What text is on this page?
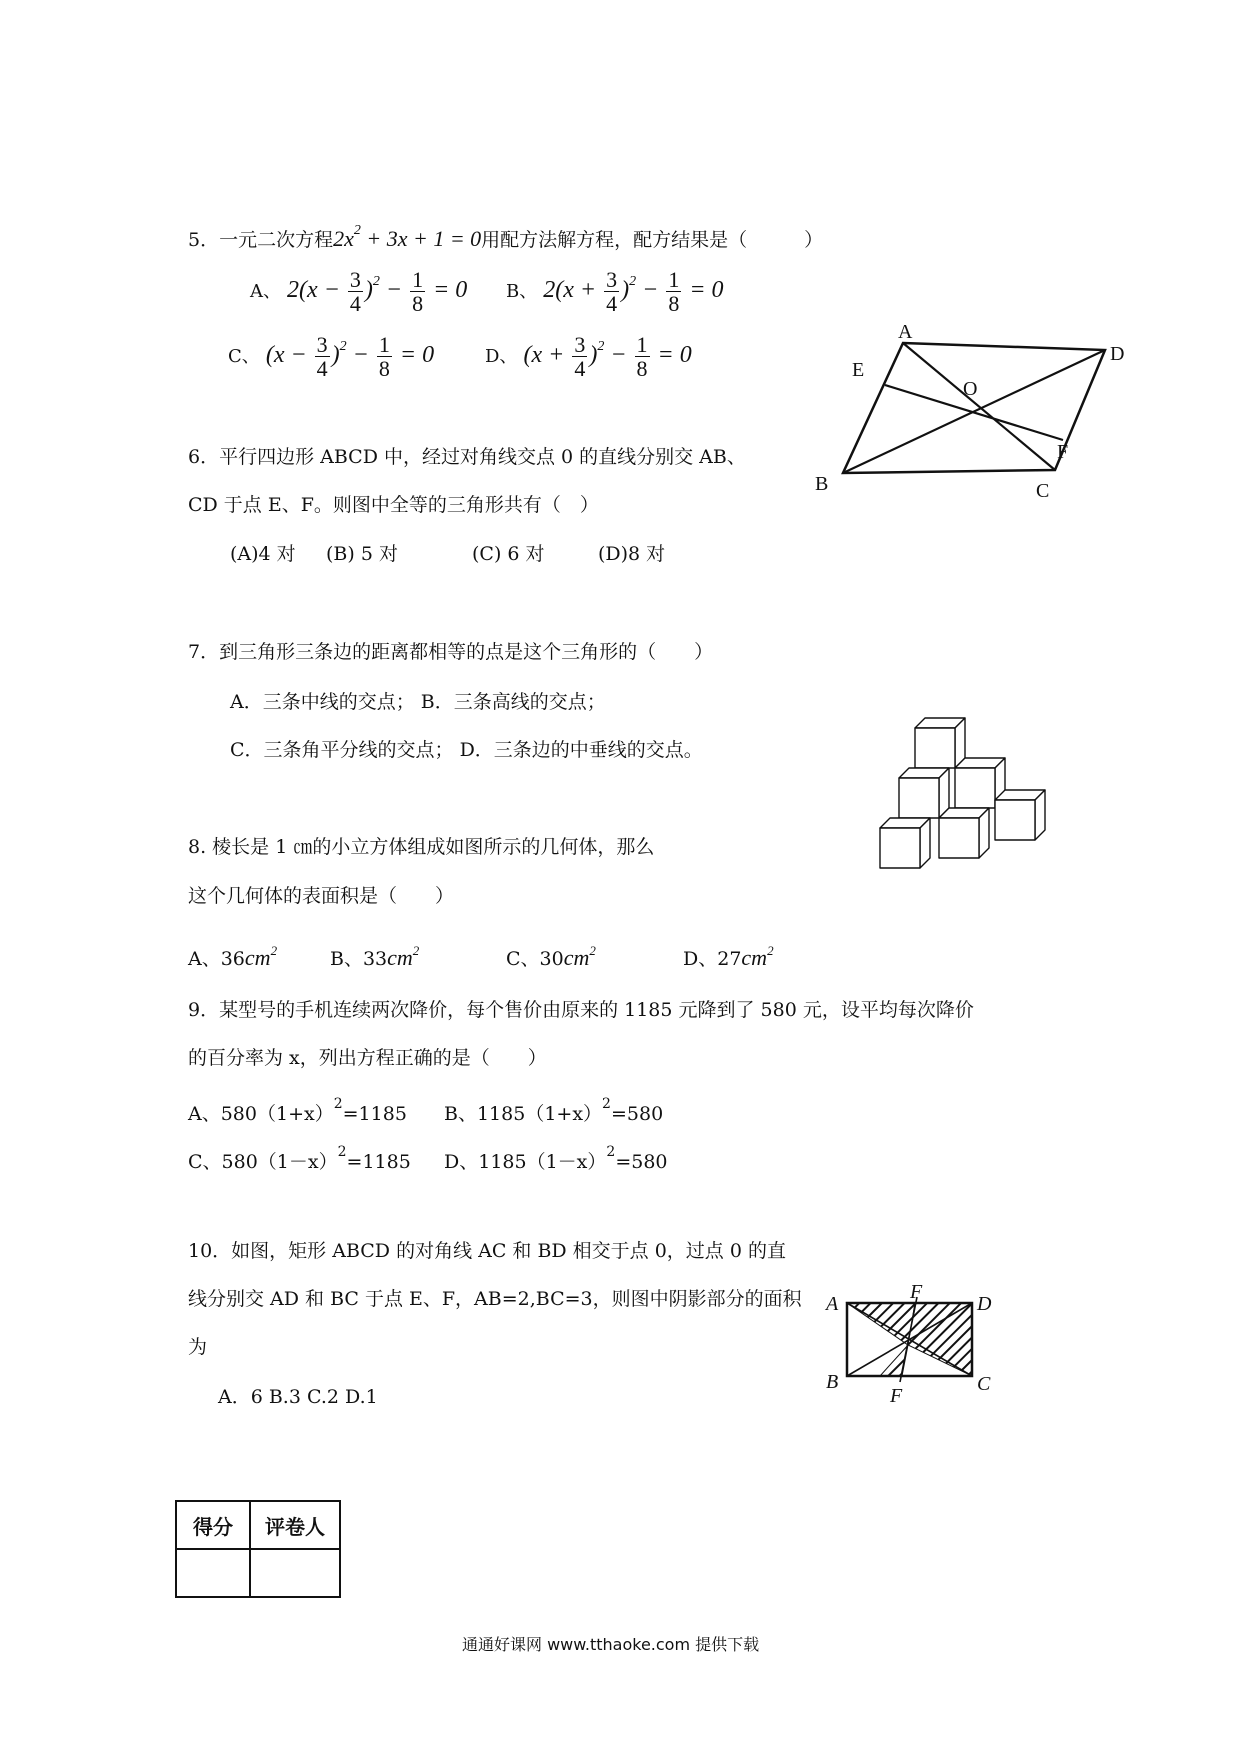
5．一元二次方程$2x^2 + 3x + 1 = 0$用配方法解方程，配方结果是（　　　）
A、 $2(x - \frac{3}{4} )^2 - \frac{1}{8} = 0$ B、 $2(x + \frac{3}{4} )^2 - \frac{1}{8} = 0$
C、 $(x - \frac{3}{4} )^2 - \frac{1}{8} = 0$	D、 $(x + \frac{3}{4} )^2 - \frac{1}{8} = 0$
A
D
E
O
F
B	C
6．平行四边形 ABCD 中，经过对角线交点 0 的直线分别交 AB、
CD 于点 E、F。则图中全等的三角形共有（　）
(A)4 对 (B) 5 对	(C) 6 对	(D)8 对
7．到三角形三条边的距离都相等的点是这个三角形的（　　）
A．三条中线的交点； B．三条高线的交点；
C．三条角平分线的交点； D．三条边的中垂线的交点。
8. 棱长是 1 ㎝的小立方体组成如图所示的几何体，那么
这个几何体的表面积是（　　）
A、$36cm^2$	B、$33cm^2$	C、$30cm^2$	D、$27cm^2$
9．某型号的手机连续两次降价，每个售价由原来的 1185 元降到了 580 元，设平均每次降价
的百分率为 x，列出方程正确的是（　　）
A、$580(1+x)^2=1185$ B、$1185(1+x)^2=580$
C、$580(1-x)^2=1185$ D、$1185(1-x)^2=580$
10．如图，矩形 ABCD 的对角线 AC 和 BD 相交于点 0，过点 0 的直
线分别交 AD 和 BC 于点 E、F，AB=2,BC=3，则图中阴影部分的面积
为
A．6 B.3 C.2 D.1
A
F
D
B
F
C
得分	评卷人

通通好课网 www.tthaoke.com 提供下载
